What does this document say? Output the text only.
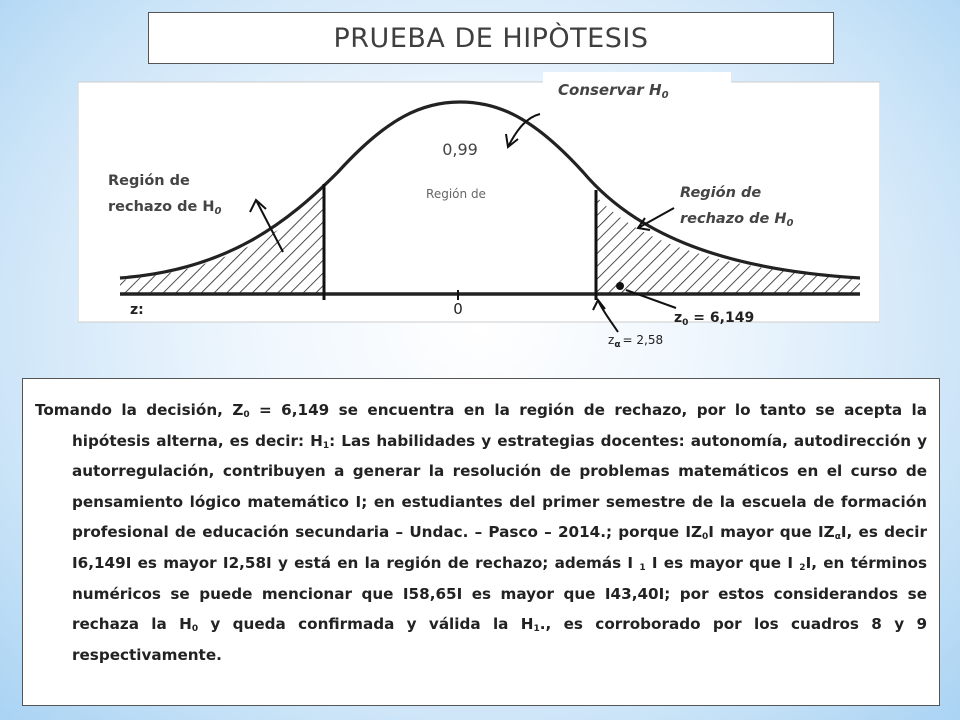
PRUEBA DE HIPÒTESIS
Conservar $H_0$
0,99
Región de
Región de
rechazo de $H_0$
Región de
rechazo de $H_0$
z:	0	$z_0 = 6,149$
$z_\alpha = 2,58$

Tomando la decisión, $Z_0 = 6,149$ se encuentra en la región de rechazo, por lo tanto se acepta la hipótesis alterna, es decir: $H_1$: Las habilidades y estrategias docentes: autonomía, autodirección y autorregulación, contribuyen a generar la resolución de problemas matemáticos en el curso de pensamiento lógico matemático I; en estudiantes del primer semestre de la escuela de formación profesional de educación secundaria – Undac. – Pasco – 2014.; porque $IZ_0I$ mayor que $IZ_\alpha I$, es decir I6,149I es mayor I2,58I y está en la región de rechazo; además I $_1$ I es mayor que I $_2$I, en términos numéricos se puede mencionar que I58,65I es mayor que I43,40I; por estos considerandos se rechaza la $H_0$ y queda confirmada y válida la $H_1$., es corroborado por los cuadros 8 y 9 respectivamente.
